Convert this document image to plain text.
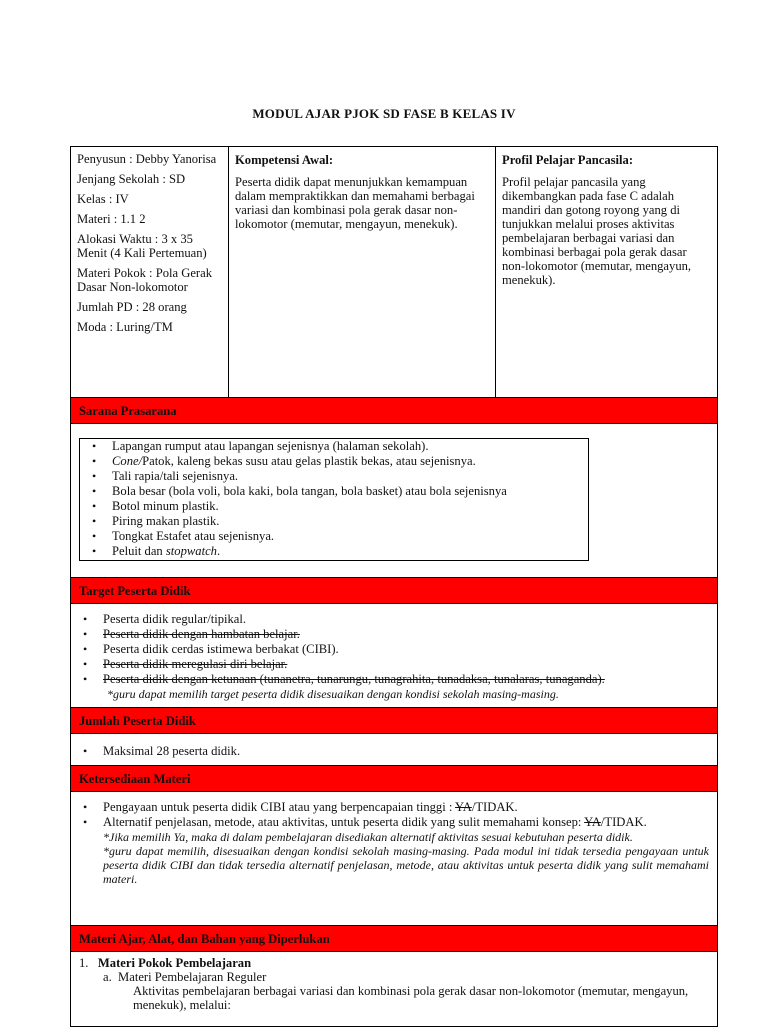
MODUL AJAR PJOK SD FASE B KELAS IV

Penyusun : Debby Yanorisa

Jenjang Sekolah : SD

Kelas : IV

Materi : 1.1 2

Alokasi Waktu : 3 x 35 Menit (4 Kali Pertemuan)

Materi Pokok : Pola Gerak Dasar Non-lokomotor

Jumlah PD : 28 orang

Moda : Luring/TM

Kompetensi Awal:

Peserta didik dapat menunjukkan kemampuan dalam mempraktikkan dan memahami berbagai variasi dan kombinasi pola gerak dasar non-lokomotor (memutar, mengayun, menekuk).

Profil Pelajar Pancasila:

Profil pelajar pancasila yang dikembangkan pada fase C adalah mandiri dan gotong royong yang di tunjukkan melalui proses aktivitas pembelajaran berbagai variasi dan kombinasi berbagai pola gerak dasar non-lokomotor (memutar, mengayun, menekuk).

Sarana Prasarana
• Lapangan rumput atau lapangan sejenisnya (halaman sekolah).
• Cone/Patok, kaleng bekas susu atau gelas plastik bekas, atau sejenisnya.
• Tali rapia/tali sejenisnya.
• Bola besar (bola voli, bola kaki, bola tangan, bola basket) atau bola sejenisnya
• Botol minum plastik.
• Piring makan plastik.
• Tongkat Estafet atau sejenisnya.
• Peluit dan stopwatch.
Target Peserta Didik
• Peserta didik regular/tipikal.
• Peserta didik dengan hambatan belajar.
• Peserta didik cerdas istimewa berbakat (CIBI).
• Peserta didik meregulasi diri belajar.
• Peserta didik dengan ketunaan (tunanetra, tunarungu, tunagrahita, tunadaksa, tunalaras, tunaganda).
*guru dapat memilih target peserta didik disesuaikan dengan kondisi sekolah masing-masing.
Jumlah Peserta Didik
• Maksimal 28 peserta didik.
Ketersediaan Materi
• Pengayaan untuk peserta didik CIBI atau yang berpencapaian tinggi : YA/TIDAK.
• Alternatif penjelasan, metode, atau aktivitas, untuk peserta didik yang sulit memahami konsep: YA/TIDAK.
*Jika memilih Ya, maka di dalam pembelajaran disediakan alternatif aktivitas sesuai kebutuhan peserta didik.
*guru dapat memilih, disesuaikan dengan kondisi sekolah masing-masing. Pada modul ini tidak tersedia pengayaan untuk peserta didik CIBI dan tidak tersedia alternatif penjelasan, metode, atau aktivitas untuk peserta didik yang sulit memahami materi.
Materi Ajar, Alat, dan Bahan yang Diperlukan
1. Materi Pokok Pembelajaran
a. Materi Pembelajaran Reguler
Aktivitas pembelajaran berbagai variasi dan kombinasi pola gerak dasar non-lokomotor (memutar, mengayun, menekuk), melalui:
